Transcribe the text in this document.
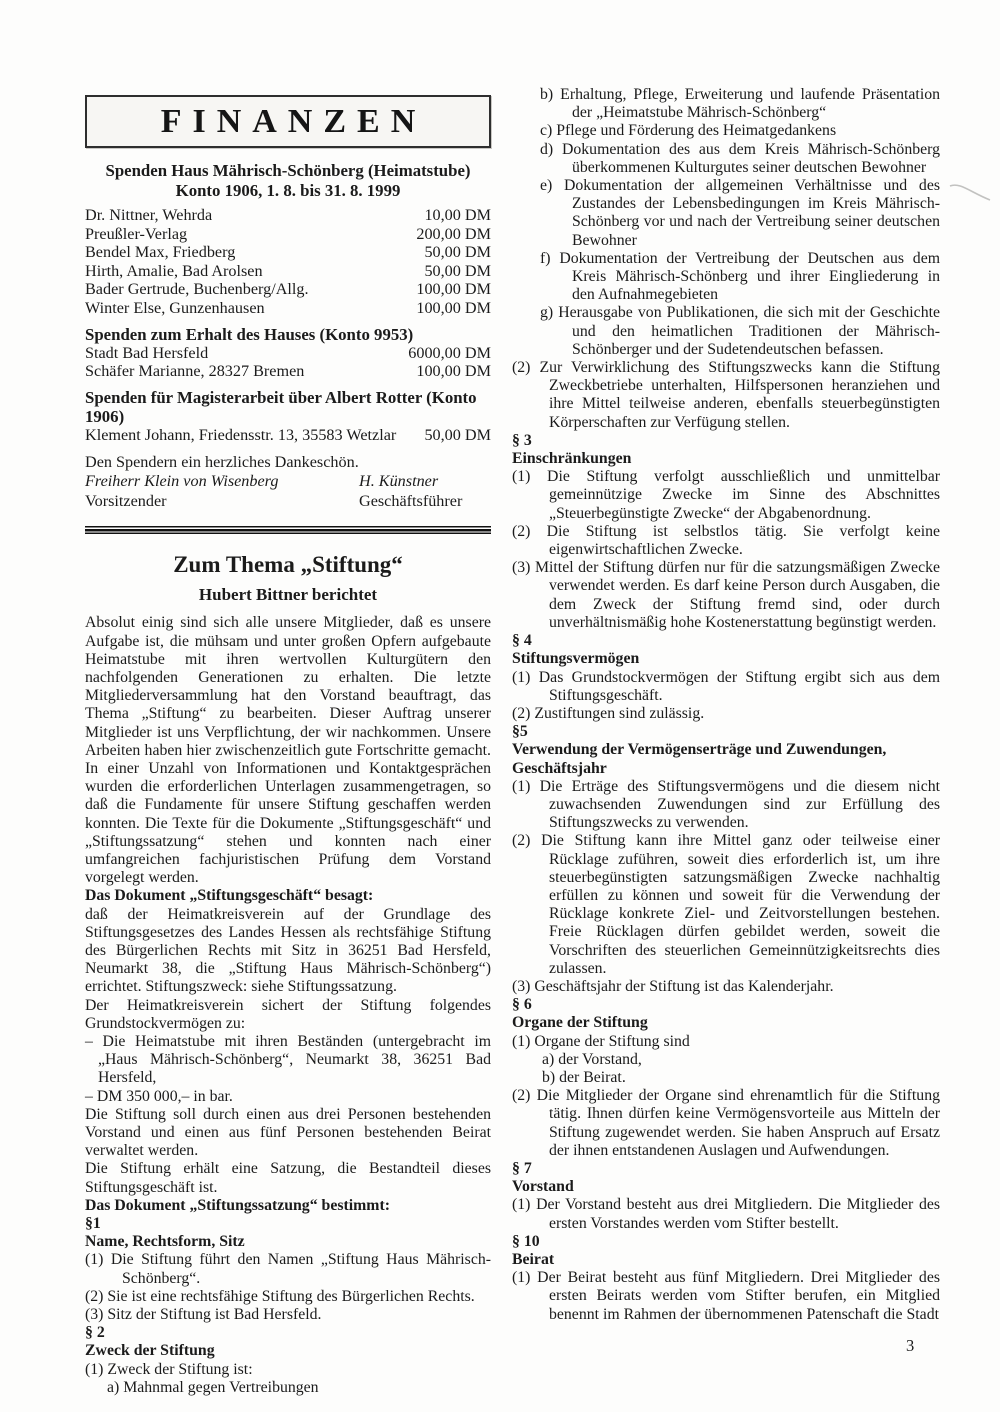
FINANZEN
Spenden Haus Mährisch-Schönberg (Heimatstube)
Konto 1906, 1. 8. bis 31. 8. 1999
Dr. Nittner, Wehrda	10,00 DM
Preußler-Verlag	200,00 DM
Bendel Max, Friedberg	50,00 DM
Hirth, Amalie, Bad Arolsen	50,00 DM
Bader Gertrude, Buchenberg/Allg.	100,00 DM
Winter Else, Gunzenhausen	100,00 DM
Spenden zum Erhalt des Hauses (Konto 9953)
Stadt Bad Hersfeld	6000,00 DM
Schäfer Marianne, 28327 Bremen	100,00 DM
Spenden für Magisterarbeit über Albert Rotter (Konto 1906)
Klement Johann, Friedensstr. 13, 35583 Wetzlar 50,00 DM
Den Spendern ein herzliches Dankeschön.
Freiherr Klein von Wisenberg	H. Künstner
Vorsitzender	Geschäftsführer
Zum Thema „Stiftung“
Hubert Bittner berichtet

Absolut einig sind sich alle unsere Mitglieder, daß es unsere Aufgabe ist, die mühsam und unter großen Opfern aufgebaute Heimatstube mit ihren wertvollen Kulturgütern den nachfolgenden Generationen zu erhalten. Die letzte Mitgliederversammlung hat den Vorstand beauftragt, das Thema „Stiftung“ zu bearbeiten. Dieser Auftrag unserer Mitglieder ist uns Verpflichtung, der wir nachkommen. Unsere Arbeiten haben hier zwischenzeitlich gute Fortschritte gemacht. In einer Unzahl von Informationen und Kontaktgesprächen wurden die erforderlichen Unterlagen zusammengetragen, so daß die Fundamente für unsere Stiftung geschaffen werden konnten. Die Texte für die Dokumente „Stiftungsgeschäft“ und „Stiftungssatzung“ stehen und konnten nach einer umfangreichen fachjuristischen Prüfung dem Vorstand vorgelegt werden.

Das Dokument „Stiftungsgeschäft“ besagt:

daß der Heimatkreisverein auf der Grundlage des Stiftungsgesetzes des Landes Hessen als rechtsfähige Stiftung des Bürgerlichen Rechts mit Sitz in 36251 Bad Hersfeld, Neumarkt 38, die „Stiftung Haus Mährisch-Schönberg“) errichtet. Stiftungszweck: siehe Stiftungssatzung.

Der Heimatkreisverein sichert der Stiftung folgendes Grundstockvermögen zu:

– Die Heimatstube mit ihren Beständen (untergebracht im „Haus Mährisch-Schönberg“, Neumarkt 38, 36251 Bad Hersfeld,

– DM 350 000,– in bar.

Die Stiftung soll durch einen aus drei Personen bestehenden Vorstand und einen aus fünf Personen bestehenden Beirat verwaltet werden.

Die Stiftung erhält eine Satzung, die Bestandteil dieses Stiftungsgeschäft ist.

Das Dokument „Stiftungssatzung“ bestimmt:

§1

Name, Rechtsform, Sitz

(1) Die Stiftung führt den Namen „Stiftung Haus Mährisch-Schönberg“.

(2) Sie ist eine rechtsfähige Stiftung des Bürgerlichen Rechts.

(3) Sitz der Stiftung ist Bad Hersfeld.

§ 2

Zweck der Stiftung

(1) Zweck der Stiftung ist:

a) Mahnmal gegen Vertreibungen

b) Erhaltung, Pflege, Erweiterung und laufende Präsentation der „Heimatstube Mährisch-Schönberg“

c) Pflege und Förderung des Heimatgedankens

d) Dokumentation des aus dem Kreis Mährisch-Schönberg überkommenen Kulturgutes seiner deutschen Bewohner

e) Dokumentation der allgemeinen Verhältnisse und des Zustandes der Lebensbedingungen im Kreis Mährisch-Schönberg vor und nach der Vertreibung seiner deutschen Bewohner

f) Dokumentation der Vertreibung der Deutschen aus dem Kreis Mährisch-Schönberg und ihrer Eingliederung in den Aufnahmegebieten

g) Herausgabe von Publikationen, die sich mit der Geschichte und den heimatlichen Traditionen der Mährisch-Schönberger und der Sudetendeutschen befassen.

(2) Zur Verwirklichung des Stiftungszwecks kann die Stiftung Zweckbetriebe unterhalten, Hilfspersonen heranziehen und ihre Mittel teilweise anderen, ebenfalls steuerbegünstigten Körperschaften zur Verfügung stellen.

§ 3

Einschränkungen

(1) Die Stiftung verfolgt ausschließlich und unmittelbar gemeinnützige Zwecke im Sinne des Abschnittes „Steuerbegünstigte Zwecke“ der Abgabenordnung.

(2) Die Stiftung ist selbstlos tätig. Sie verfolgt keine eigenwirtschaftlichen Zwecke.

(3) Mittel der Stiftung dürfen nur für die satzungsmäßigen Zwecke verwendet werden. Es darf keine Person durch Ausgaben, die dem Zweck der Stiftung fremd sind, oder durch unverhältnismäßig hohe Kostenerstattung begünstigt werden.

§ 4

Stiftungsvermögen

(1) Das Grundstockvermögen der Stiftung ergibt sich aus dem Stiftungsgeschäft.

(2) Zustiftungen sind zulässig.

§5

Verwendung der Vermögenserträge und Zuwendungen, Geschäftsjahr

(1) Die Erträge des Stiftungsvermögens und die diesem nicht zuwachsenden Zuwendungen sind zur Erfüllung des Stiftungszwecks zu verwenden.

(2) Die Stiftung kann ihre Mittel ganz oder teilweise einer Rücklage zuführen, soweit dies erforderlich ist, um ihre steuerbegünstigten satzungsmäßigen Zwecke nachhaltig erfüllen zu können und soweit für die Verwendung der Rücklage konkrete Ziel- und Zeitvorstellungen bestehen. Freie Rücklagen dürfen gebildet werden, soweit die Vorschriften des steuerlichen Gemeinnützigkeitsrechts dies zulassen.

(3) Geschäftsjahr der Stiftung ist das Kalenderjahr.

§ 6

Organe der Stiftung

(1) Organe der Stiftung sind

a) der Vorstand,

b) der Beirat.

(2) Die Mitglieder der Organe sind ehrenamtlich für die Stiftung tätig. Ihnen dürfen keine Vermögensvorteile aus Mitteln der Stiftung zugewendet werden. Sie haben Anspruch auf Ersatz der ihnen entstandenen Auslagen und Aufwendungen.

§ 7

Vorstand

(1) Der Vorstand besteht aus drei Mitgliedern. Die Mitglieder des ersten Vorstandes werden vom Stifter bestellt.

§ 10

Beirat

(1) Der Beirat besteht aus fünf Mitgliedern. Drei Mitglieder des ersten Beirats werden vom Stifter berufen, ein Mitglied benennt im Rahmen der übernommenen Patenschaft die Stadt

3
